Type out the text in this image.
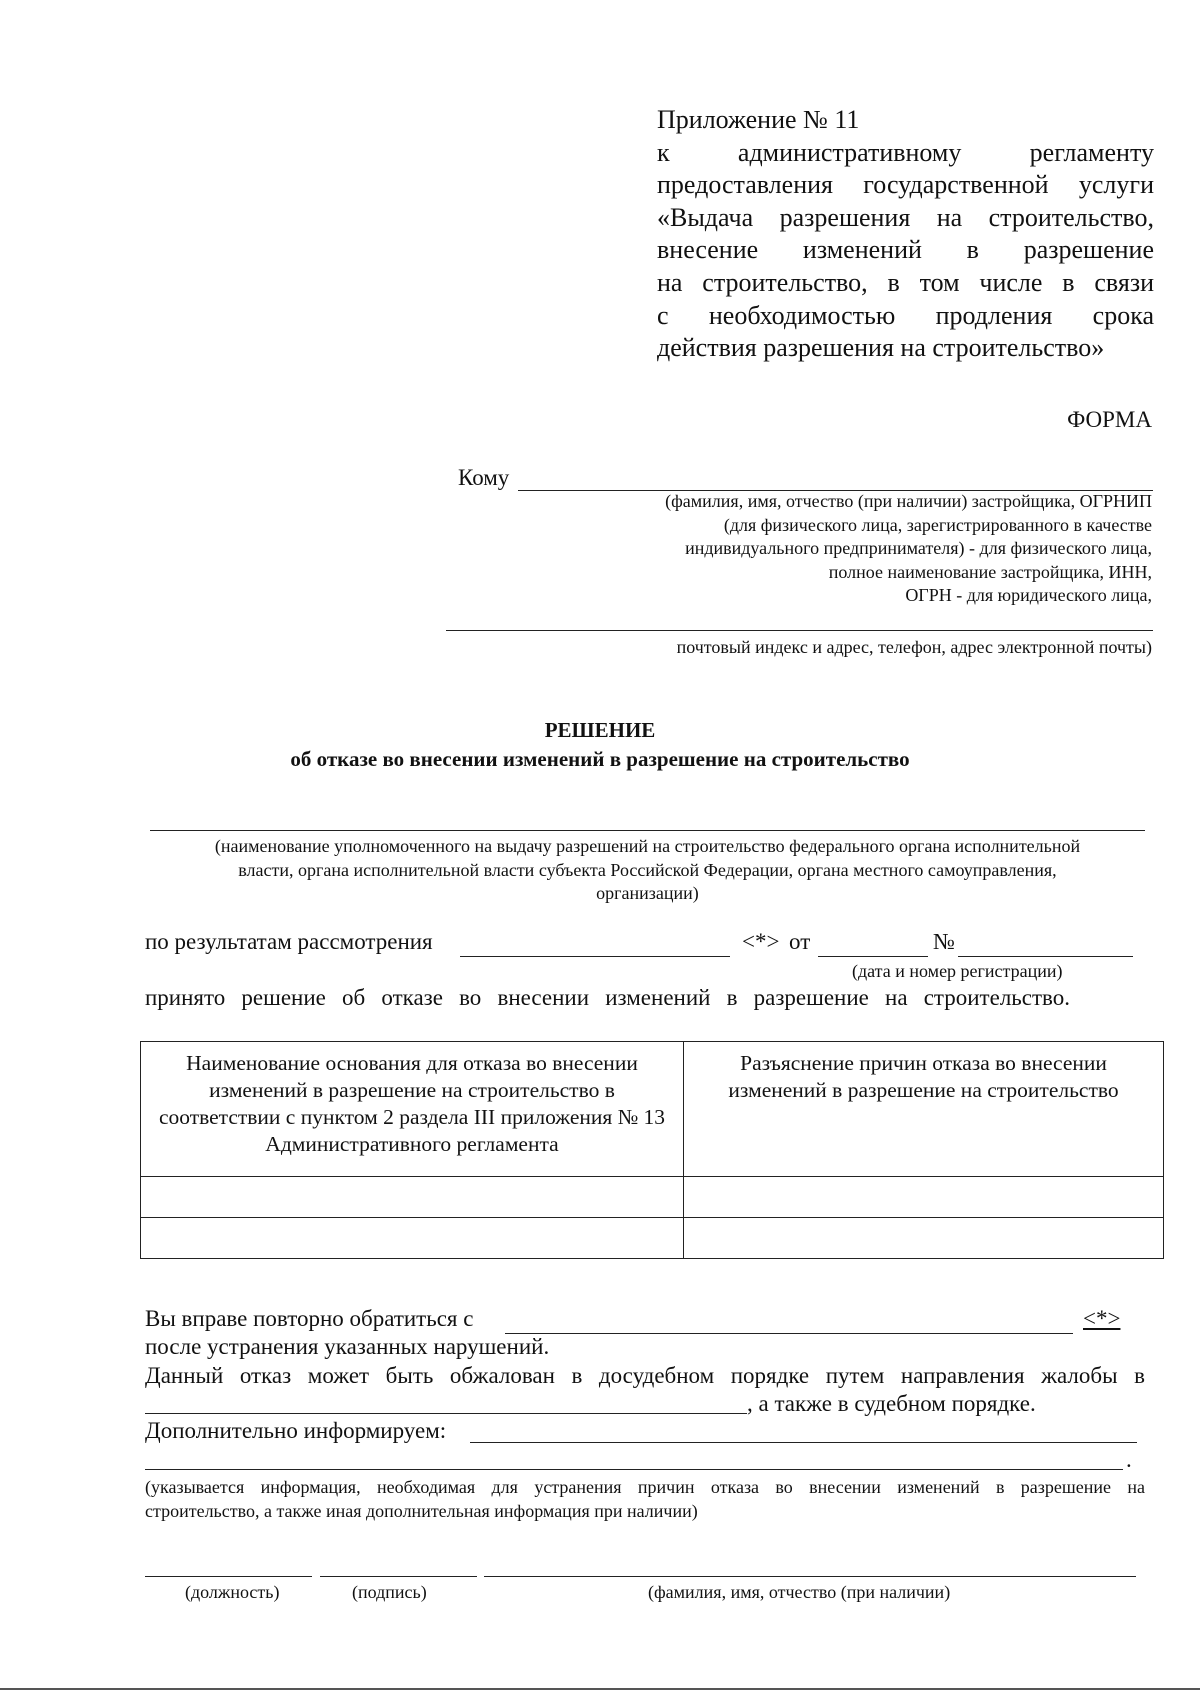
Приложение № 11
к	административному	регламенту
предоставления государственной услуги
«Выдача разрешения на строительство,
внесение изменений в разрешение
на строительство, в том числе в связи
с необходимостью продления срока
действия разрешения на строительство»
ФОРМА
Кому
(фамилия, имя, отчество (при наличии) застройщика, ОГРНИП
(для физического лица, зарегистрированного в качестве
индивидуального предпринимателя) - для физического лица,
полное наименование застройщика, ИНН,
ОГРН - для юридического лица,
почтовый индекс и адрес, телефон, адрес электронной почты)
РЕШЕНИЕ
об отказе во внесении изменений в разрешение на строительство
(наименование уполномоченного на выдачу разрешений на строительство федерального органа исполнительной
власти, органа исполнительной власти субъекта Российской Федерации, органа местного самоуправления,
организации)
по результатам рассмотрения	<*> от	№
(дата и номер регистрации)
принято решение об отказе во внесении изменений в разрешение на строительство.
Наименование основания для отказа во внесении изменений в разрешение на строительство в соответствии с пунктом 2 раздела III приложения № 13 Административного регламента	Разъяснение причин отказа во внесении изменений в разрешение на строительство

Вы вправе повторно обратиться с	<*>
после устранения указанных нарушений.
Данный отказ может быть обжалован в досудебном порядке путем направления жалобы в
, а также в судебном порядке.
Дополнительно информируем:
.
(указывается информация, необходимая для устранения причин отказа во внесении изменений в разрешение на
строительство, а также иная дополнительная информация при наличии)
(должность)	(подпись)	(фамилия, имя, отчество (при наличии)
